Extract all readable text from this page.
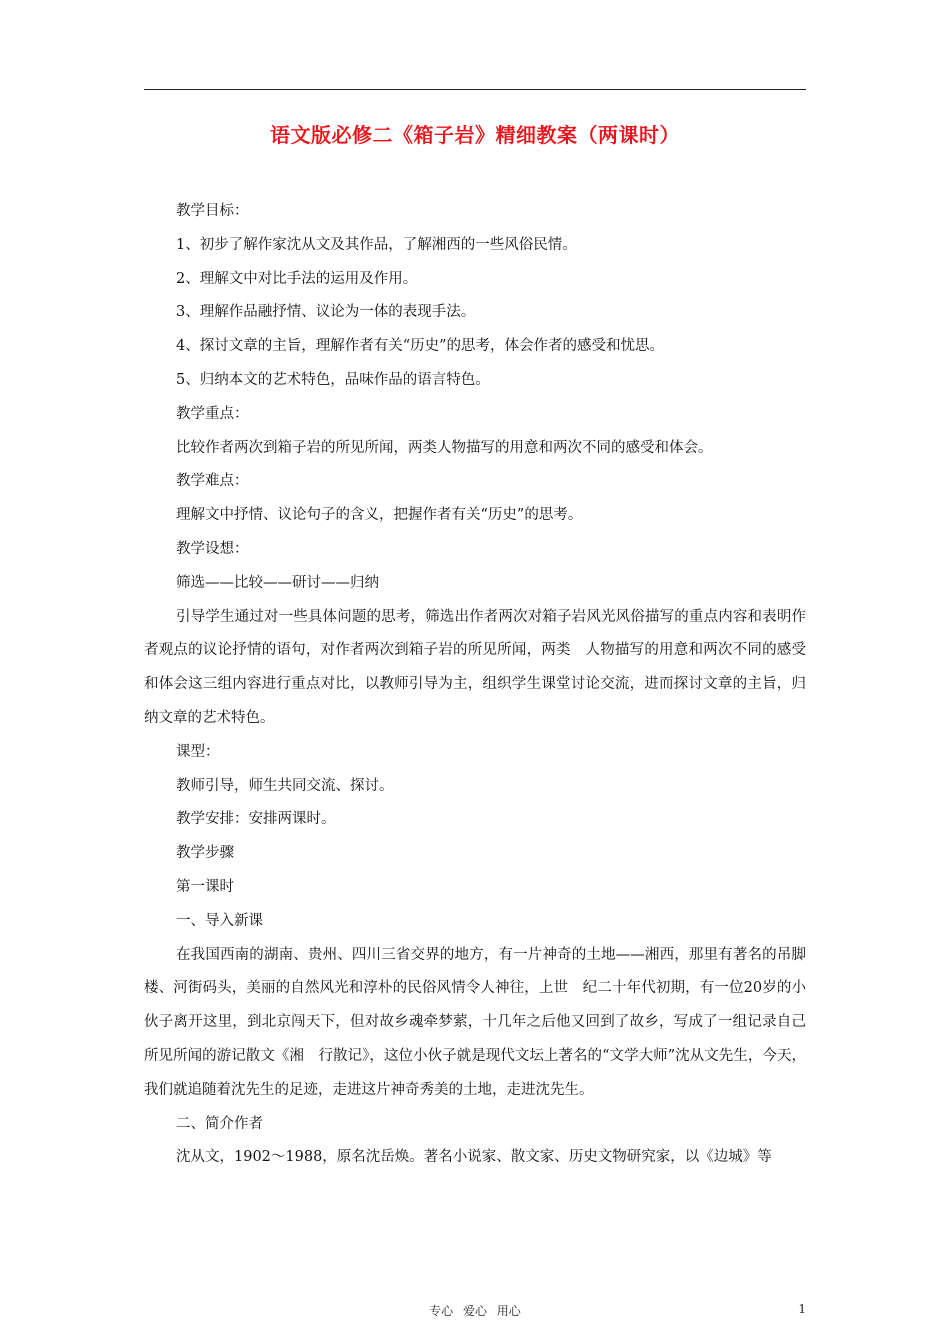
语文版必修二《箱子岩》精细教案（两课时）

教学目标：

1、初步了解作家沈从文及其作品，了解湘西的一些风俗民情。

2、理解文中对比手法的运用及作用。

3、理解作品融抒情、议论为一体的表现手法。

4、探讨文章的主旨，理解作者有关“历史”的思考，体会作者的感受和忧思。

5、归纳本文的艺术特色，品味作品的语言特色。

教学重点：

比较作者两次到箱子岩的所见所闻，两类人物描写的用意和两次不同的感受和体会。

教学难点：

理解文中抒情、议论句子的含义，把握作者有关“历史”的思考。

教学设想：

筛选——比较——研讨——归纳

引导学生通过对一些具体问题的思考，筛选出作者两次对箱子岩风光风俗描写的重点内容和表明作者观点的议论抒情的语句，对作者两次到箱子岩的所见所闻，两类　人物描写的用意和两次不同的感受和体会这三组内容进行重点对比，以教师引导为主，组织学生课堂讨论交流，进而探讨文章的主旨，归纳文章的艺术特色。

课型：

教师引导，师生共同交流、探讨。

教学安排：安排两课时。

教学步骤

第一课时

一、导入新课

在我国西南的湖南、贵州、四川三省交界的地方，有一片神奇的土地——湘西，那里有著名的吊脚楼、河街码头，美丽的自然风光和淳朴的民俗风情令人神往，上世　纪二十年代初期，有一位20岁的小伙子离开这里，到北京闯天下，但对故乡魂牵梦萦，十几年之后他又回到了故乡，写成了一组记录自己所见所闻的游记散文《湘　行散记》，这位小伙子就是现代文坛上著名的“文学大师”沈从文先生，今天，我们就追随着沈先生的足迹，走进这片神奇秀美的土地，走进沈先生。

二、简介作者

沈从文，1902～1988，原名沈岳焕。著名小说家、散文家、历史文物研究家，以《边城》等

专心 爱心 用心	1
